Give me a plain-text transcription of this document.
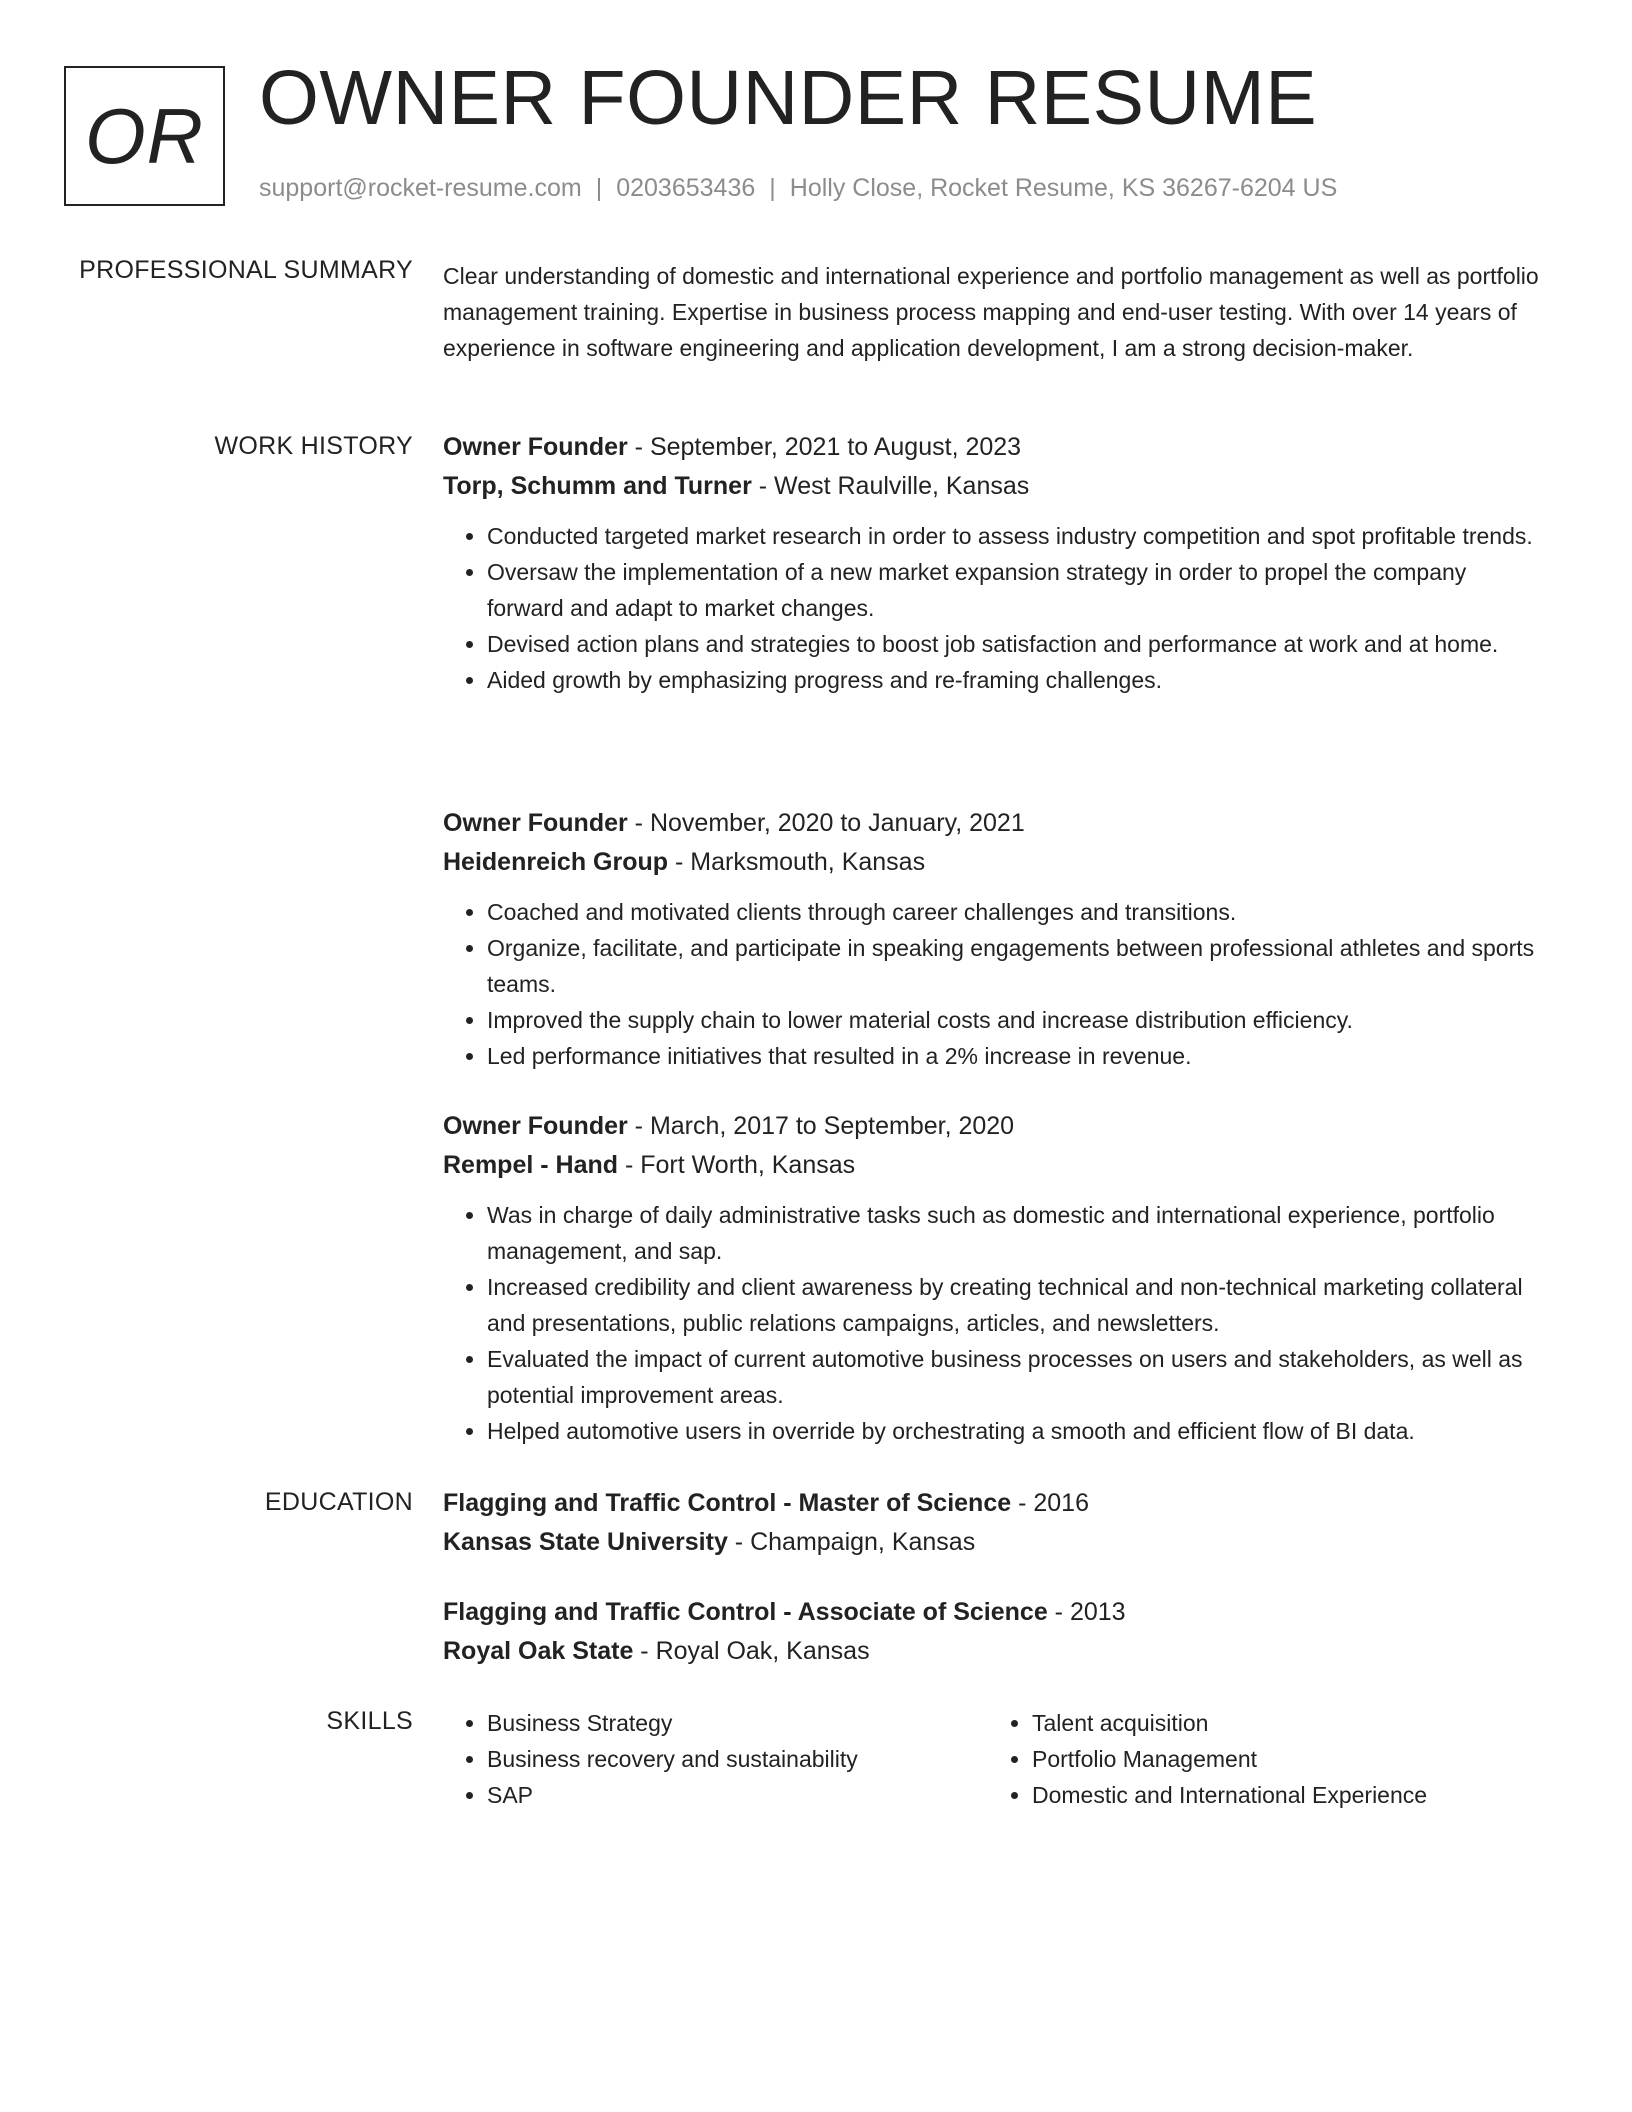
OR OWNER FOUNDER RESUME
support@rocket-resume.com | 0203653436 | Holly Close, Rocket Resume, KS 36267-6204 US
PROFESSIONAL SUMMARY Clear understanding of domestic and international experience and portfolio management as well as portfolio management training. Expertise in business process mapping and end-user testing. With over 14 years of experience in software engineering and application development, I am a strong decision-maker.

WORK HISTORY Owner Founder - September, 2021 to August, 2023
Torp, Schumm and Turner - West Raulville, Kansas
• Conducted targeted market research in order to assess industry competition and spot profitable trends.
• Oversaw the implementation of a new market expansion strategy in order to propel the company forward and adapt to market changes.
• Devised action plans and strategies to boost job satisfaction and performance at work and at home.
• Aided growth by emphasizing progress and re-framing challenges.
Owner Founder - November, 2020 to January, 2021
Heidenreich Group - Marksmouth, Kansas
• Coached and motivated clients through career challenges and transitions.
• Organize, facilitate, and participate in speaking engagements between professional athletes and sports teams.
• Improved the supply chain to lower material costs and increase distribution efficiency.
• Led performance initiatives that resulted in a 2% increase in revenue.
Owner Founder - March, 2017 to September, 2020
Rempel - Hand - Fort Worth, Kansas
• Was in charge of daily administrative tasks such as domestic and international experience, portfolio management, and sap.
• Increased credibility and client awareness by creating technical and non-technical marketing collateral and presentations, public relations campaigns, articles, and newsletters.
• Evaluated the impact of current automotive business processes on users and stakeholders, as well as potential improvement areas.
• Helped automotive users in override by orchestrating a smooth and efficient flow of BI data.
EDUCATION Flagging and Traffic Control - Master of Science - 2016
Kansas State University - Champaign, Kansas
Flagging and Traffic Control - Associate of Science - 2013
Royal Oak State - Royal Oak, Kansas
SKILLS
•	Business Strategy
• Business recovery and sustainability
• SAP
• Talent acquisition
• Portfolio Management
• Domestic and International Experience
